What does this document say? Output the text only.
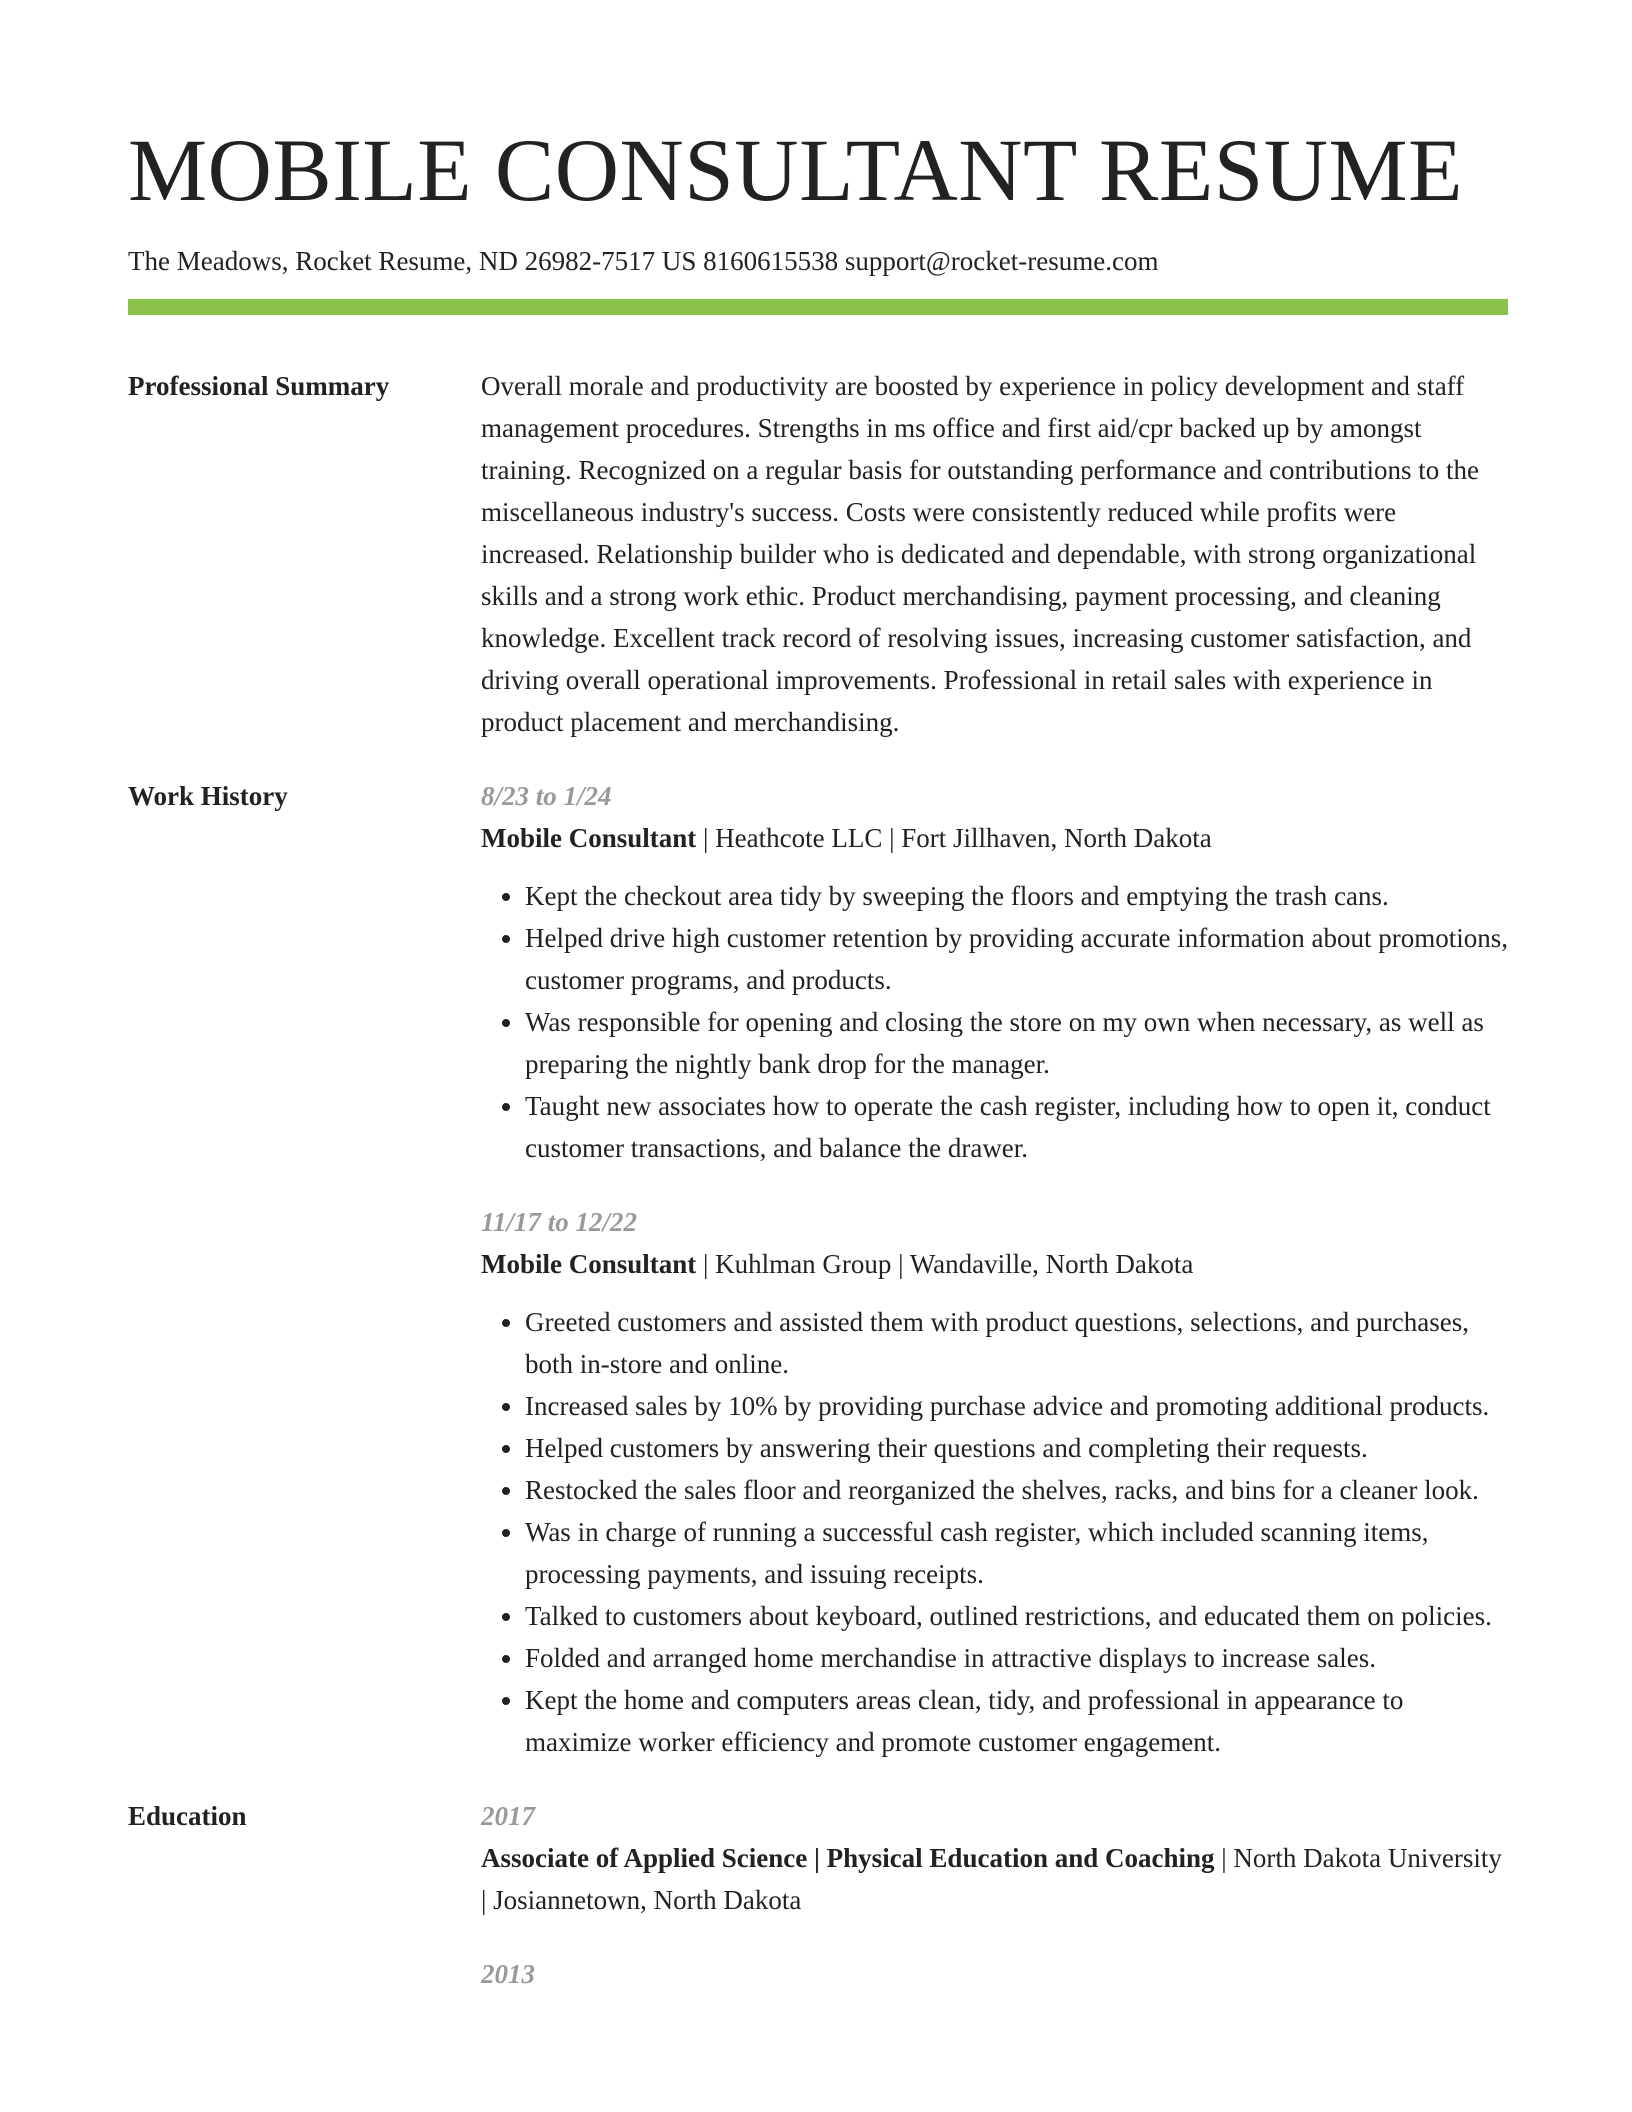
MOBILE CONSULTANT RESUME
The Meadows, Rocket Resume, ND 26982-7517 US 8160615538 support@rocket-resume.com
Professional Summary	Overall morale and productivity are boosted by experience in policy development and staff management procedures. Strengths in ms office and first aid/cpr backed up by amongst training. Recognized on a regular basis for outstanding performance and contributions to the miscellaneous industry's success. Costs were consistently reduced while profits were increased. Relationship builder who is dedicated and dependable, with strong organizational skills and a strong work ethic. Product merchandising, payment processing, and cleaning knowledge. Excellent track record of resolving issues, increasing customer satisfaction, and driving overall operational improvements. Professional in retail sales with experience in product placement and merchandising.

Work History	8/23 to 1/24

Mobile Consultant | Heathcote LLC | Fort Jillhaven, North Dakota

• Kept the checkout area tidy by sweeping the floors and emptying the trash cans.
• Helped drive high customer retention by providing accurate information about promotions, customer programs, and products.
• Was responsible for opening and closing the store on my own when necessary, as well as preparing the nightly bank drop for the manager.
• Taught new associates how to operate the cash register, including how to open it, conduct customer transactions, and balance the drawer.
11/17 to 12/22

Mobile Consultant | Kuhlman Group | Wandaville, North Dakota

• Greeted customers and assisted them with product questions, selections, and purchases, both in-store and online.
• Increased sales by 10% by providing purchase advice and promoting additional products.
• Helped customers by answering their questions and completing their requests.
• Restocked the sales floor and reorganized the shelves, racks, and bins for a cleaner look.
• Was in charge of running a successful cash register, which included scanning items, processing payments, and issuing receipts.
• Talked to customers about keyboard, outlined restrictions, and educated them on policies.
• Folded and arranged home merchandise in attractive displays to increase sales.
• Kept the home and computers areas clean, tidy, and professional in appearance to maximize worker efficiency and promote customer engagement.
Education	2017
Associate of Applied Science | Physical Education and Coaching | North Dakota University | Josiannetown, North Dakota
2013
